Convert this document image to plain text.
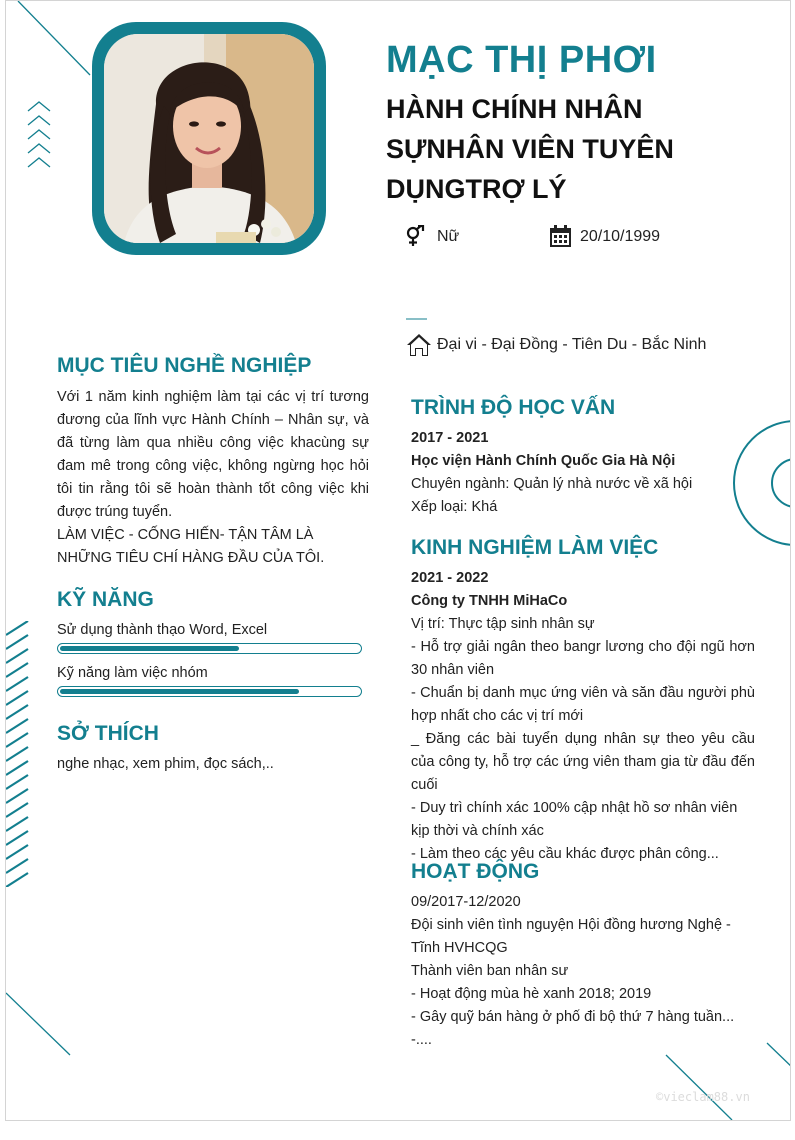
MẠC THỊ PHƠI
HÀNH CHÍNH NHÂN SỰNHÂN VIÊN TUYÊN DỤNGTRỢ LÝ
Nữ	20/10/1999
Đại vi - Đại Đồng - Tiên Du - Bắc Ninh
MỤC TIÊU NGHỀ NGHIỆP

Với 1 năm kinh nghiệm làm tại các vị trí tương đương của lĩnh vực Hành Chính – Nhân sự, và đã từng làm qua nhiều công việc khacùng sự đam mê trong công việc, không ngừng học hỏi tôi tin rằng tôi sẽ hoàn thành tốt công việc khi được trúng tuyển.

LÀM VIỆC - CỐNG HIẾN- TẬN TÂM LÀ NHỮNG TIÊU CHÍ HÀNG ĐẦU CỦA TÔI.

KỸ NĂNG
Sử dụng thành thạo Word, Excel
Kỹ năng làm việc nhóm
SỞ THÍCH
nghe nhạc, xem phim, đọc sách,..
TRÌNH ĐỘ HỌC VẤN

2017 - 2021

Học viện Hành Chính Quốc Gia Hà Nội

Chuyên ngành: Quản lý nhà nước về xã hội

Xếp loại: Khá

KINH NGHIỆM LÀM VIỆC

2021 - 2022

Công ty TNHH MiHaCo

Vị trí: Thực tập sinh nhân sự

- Hỗ trợ giải ngân theo bangr lương cho đội ngũ hơn 30 nhân viên

- Chuẩn bị danh mục ứng viên và săn đầu người phù hợp nhất cho các vị trí mới

_ Đăng các bài tuyển dụng nhân sự theo yêu cầu của công ty, hỗ trợ các ứng viên tham gia từ đầu đến cuối

- Duy trì chính xác 100% cập nhật hồ sơ nhân viên kịp thời và chính xác

- Làm theo các yêu cầu khác được phân công...

HOẠT ĐỘNG

09/2017-12/2020

Đội sinh viên tình nguyện Hội đồng hương Nghệ - Tĩnh HVHCQG

Thành viên ban nhân sư

- Hoạt động mùa hè xanh 2018; 2019

- Gây quỹ bán hàng ở phố đi bộ thứ 7 hàng tuần...

-....

©vieclam88.vn
